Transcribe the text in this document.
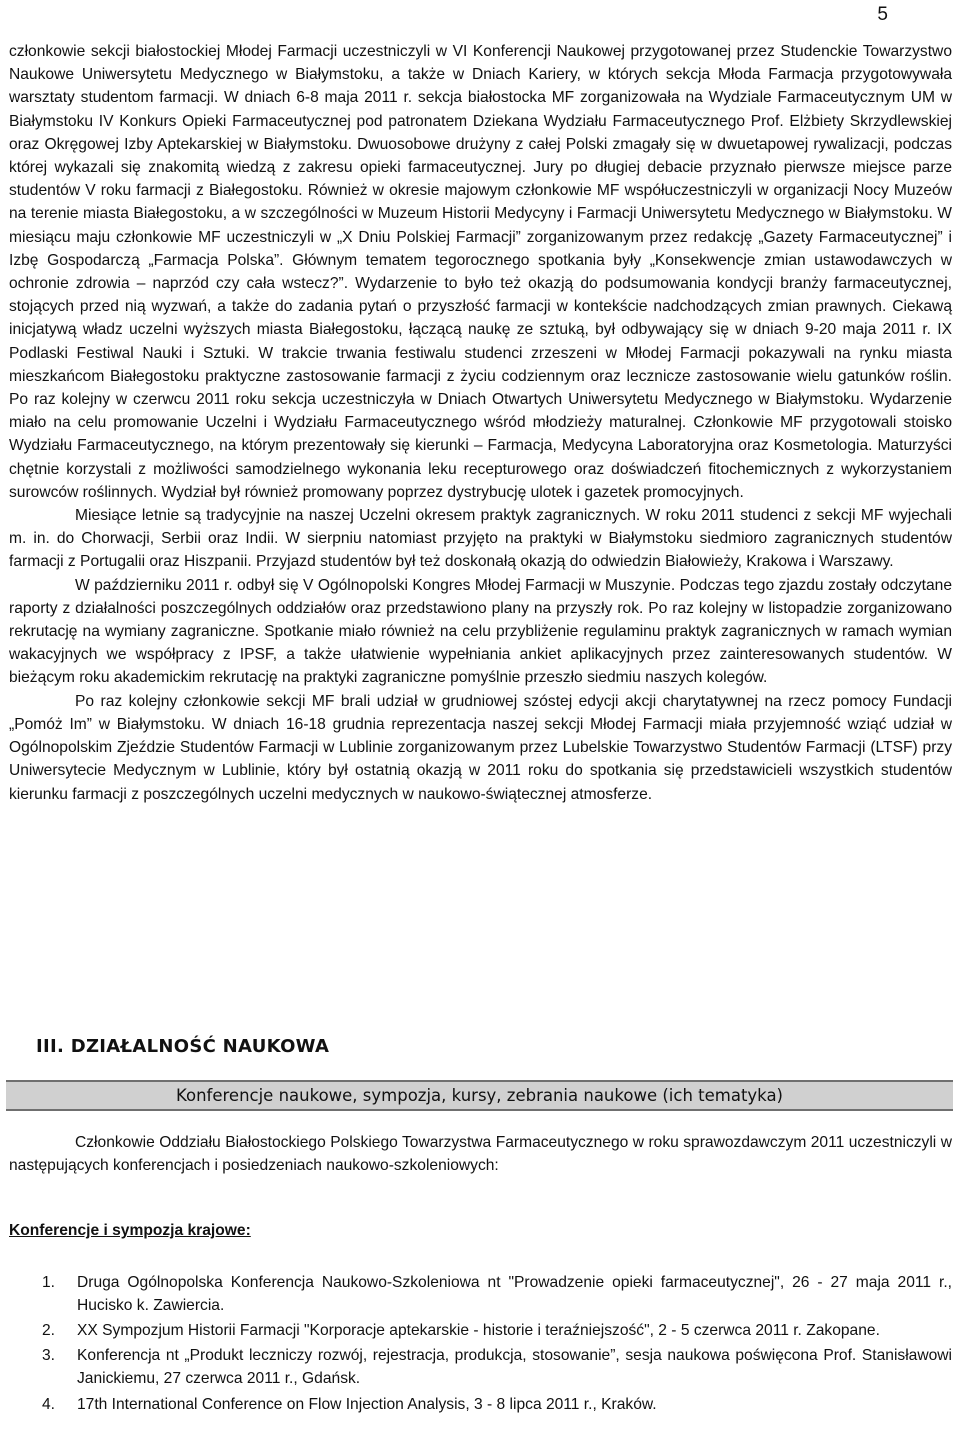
5

członkowie sekcji białostockiej Młodej Farmacji uczestniczyli w VI Konferencji Naukowej przygotowanej przez Studenckie Towarzystwo Naukowe Uniwersytetu Medycznego w Białymstoku, a także w Dniach Kariery, w których sekcja Młoda Farmacja przygotowywała warsztaty studentom farmacji. W dniach 6-8 maja 2011 r. sekcja białostocka MF zorganizowała na Wydziale Farmaceutycznym UM w Białymstoku IV Konkurs Opieki Farmaceutycznej pod patronatem Dziekana Wydziału Farmaceutycznego Prof. Elżbiety Skrzydlewskiej oraz Okręgowej Izby Aptekarskiej w Białymstoku. Dwuosobowe drużyny z całej Polski zmagały się w dwuetapowej rywalizacji, podczas której wykazali się znakomitą wiedzą z zakresu opieki farmaceutycznej. Jury po długiej debacie przyznało pierwsze miejsce parze studentów V roku farmacji z Białegostoku. Również w okresie majowym członkowie MF współuczestniczyli w organizacji Nocy Muzeów na terenie miasta Białegostoku, a w szczególności w Muzeum Historii Medycyny i Farmacji Uniwersytetu Medycznego w Białymstoku. W miesiącu maju członkowie MF uczestniczyli w „X Dniu Polskiej Farmacji” zorganizowanym przez redakcję „Gazety Farmaceutycznej” i Izbę Gospodarczą „Farmacja Polska”. Głównym tematem tegorocznego spotkania były „Konsekwencje zmian ustawodawczych w ochronie zdrowia – naprzód czy cała wstecz?”. Wydarzenie to było też okazją do podsumowania kondycji branży farmaceutycznej, stojących przed nią wyzwań, a także do zadania pytań o przyszłość farmacji w kontekście nadchodzących zmian prawnych. Ciekawą inicjatywą władz uczelni wyższych miasta Białegostoku, łączącą naukę ze sztuką, był odbywający się w dniach 9-20 maja 2011 r. IX Podlaski Festiwal Nauki i Sztuki. W trakcie trwania festiwalu studenci zrzeszeni w Młodej Farmacji pokazywali na rynku miasta mieszkańcom Białegostoku praktyczne zastosowanie farmacji z życiu codziennym oraz lecznicze zastosowanie wielu gatunków roślin. Po raz kolejny w czerwcu 2011 roku sekcja uczestniczyła w Dniach Otwartych Uniwersytetu Medycznego w Białymstoku. Wydarzenie miało na celu promowanie Uczelni i Wydziału Farmaceutycznego wśród młodzieży maturalnej. Członkowie MF przygotowali stoisko Wydziału Farmaceutycznego, na którym prezentowały się kierunki – Farmacja, Medycyna Laboratoryjna oraz Kosmetologia. Maturzyści chętnie korzystali z możliwości samodzielnego wykonania leku recepturowego oraz doświadczeń fitochemicznych z wykorzystaniem surowców roślinnych. Wydział był również promowany poprzez dystrybucję ulotek i gazetek promocyjnych.

Miesiące letnie są tradycyjnie na naszej Uczelni okresem praktyk zagranicznych. W roku 2011 studenci z sekcji MF wyjechali m. in. do Chorwacji, Serbii oraz Indii. W sierpniu natomiast przyjęto na praktyki w Białymstoku siedmioro zagranicznych studentów farmacji z Portugalii oraz Hiszpanii. Przyjazd studentów był też doskonałą okazją do odwiedzin Białowieży, Krakowa i Warszawy.

W październiku 2011 r. odbył się V Ogólnopolski Kongres Młodej Farmacji w Muszynie. Podczas tego zjazdu zostały odczytane raporty z działalności poszczególnych oddziałów oraz przedstawiono plany na przyszły rok. Po raz kolejny w listopadzie zorganizowano rekrutację na wymiany zagraniczne. Spotkanie miało również na celu przybliżenie regulaminu praktyk zagranicznych w ramach wymian wakacyjnych we współpracy z IPSF, a także ułatwienie wypełniania ankiet aplikacyjnych przez zainteresowanych studentów. W bieżącym roku akademickim rekrutację na praktyki zagraniczne pomyślnie przeszło siedmiu naszych kolegów.

Po raz kolejny członkowie sekcji MF brali udział w grudniowej szóstej edycji akcji charytatywnej na rzecz pomocy Fundacji „Pomóż Im” w Białymstoku. W dniach 16-18 grudnia reprezentacja naszej sekcji Młodej Farmacji miała przyjemność wziąć udział w Ogólnopolskim Zjeździe Studentów Farmacji w Lublinie zorganizowanym przez Lubelskie Towarzystwo Studentów Farmacji (LTSF) przy Uniwersytecie Medycznym w Lublinie, który był ostatnią okazją w 2011 roku do spotkania się przedstawicieli wszystkich studentów kierunku farmacji z poszczególnych uczelni medycznych w naukowo-świątecznej atmosferze.

III. DZIAŁALNOŚĆ NAUKOWA
Konferencje naukowe, sympozja, kursy, zebrania naukowe (ich tematyka)

Członkowie Oddziału Białostockiego Polskiego Towarzystwa Farmaceutycznego w roku sprawozdawczym 2011 uczestniczyli w następujących konferencjach i posiedzeniach naukowo-szkoleniowych:

Konferencje i sympozja krajowe:

1. Druga Ogólnopolska Konferencja Naukowo-Szkoleniowa nt "Prowadzenie opieki farmaceutycznej", 26 - 27 maja 2011 r., Hucisko k. Zawiercia.
2. XX Sympozjum Historii Farmacji "Korporacje aptekarskie - historie i teraźniejszość", 2 - 5 czerwca 2011 r. Zakopane.
3. Konferencja nt „Produkt leczniczy rozwój, rejestracja, produkcja, stosowanie”, sesja naukowa poświęcona Prof. Stanisławowi Janickiemu, 27 czerwca 2011 r., Gdańsk.
4. 17th International Conference on Flow Injection Analysis, 3 - 8 lipca 2011 r., Kraków.
